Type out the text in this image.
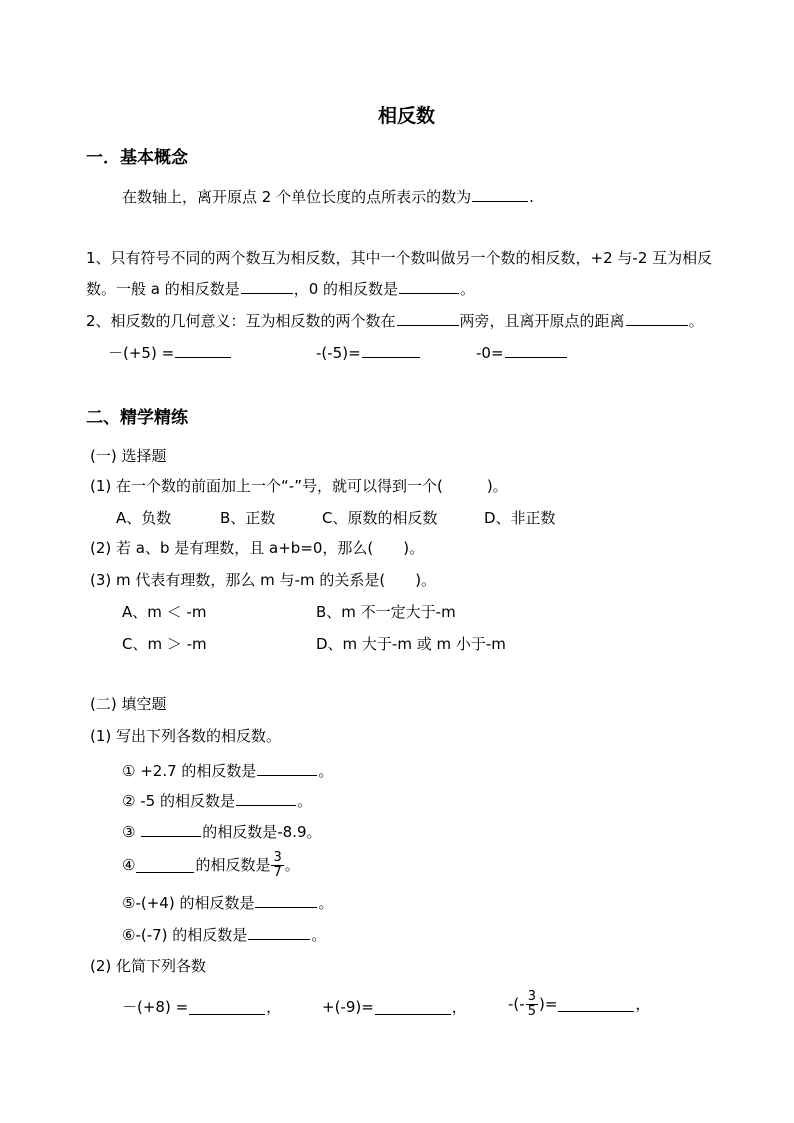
相反数
一．基本概念
在数轴上，离开原点 2 个单位长度的点所表示的数为	.
1、只有符号不同的两个数互为相反数，其中一个数叫做另一个数的相反数，+2 与-2 互为相反
数。一般 a 的相反数是	，0 的相反数是	。
2、相反数的几何意义：互为相反数的两个数在	两旁，且离开原点的距离	。
－(+5) =	-(-5)=	-0=
二、精学精练
(一) 选择题
(1) 在一个数的前面加上一个“-”号，就可以得到一个(	)。
A、负数	B、正数	C、原数的相反数	D、非正数
(2) 若 a、b 是有理数，且 a+b=0，那么( )。
(3) m 代表有理数，那么 m 与-m 的关系是( )。
A、m ＜ -m	B、m 不一定大于-m
C、m ＞ -m	D、m 大于-m 或 m 小于-m
(二) 填空题
(1) 写出下列各数的相反数。
① +2.7 的相反数是	。
② -5 的相反数是	。
③	的相反数是-8.9。
④	的相反数是 $\frac{3}{7}$ 。
⑤-(+4) 的相反数是	。
⑥-(-7) 的相反数是	。
(2) 化简下列各数
－(+8) =	，	+(-9)=	，	-(- $\frac{3}{5}$ )=	，
